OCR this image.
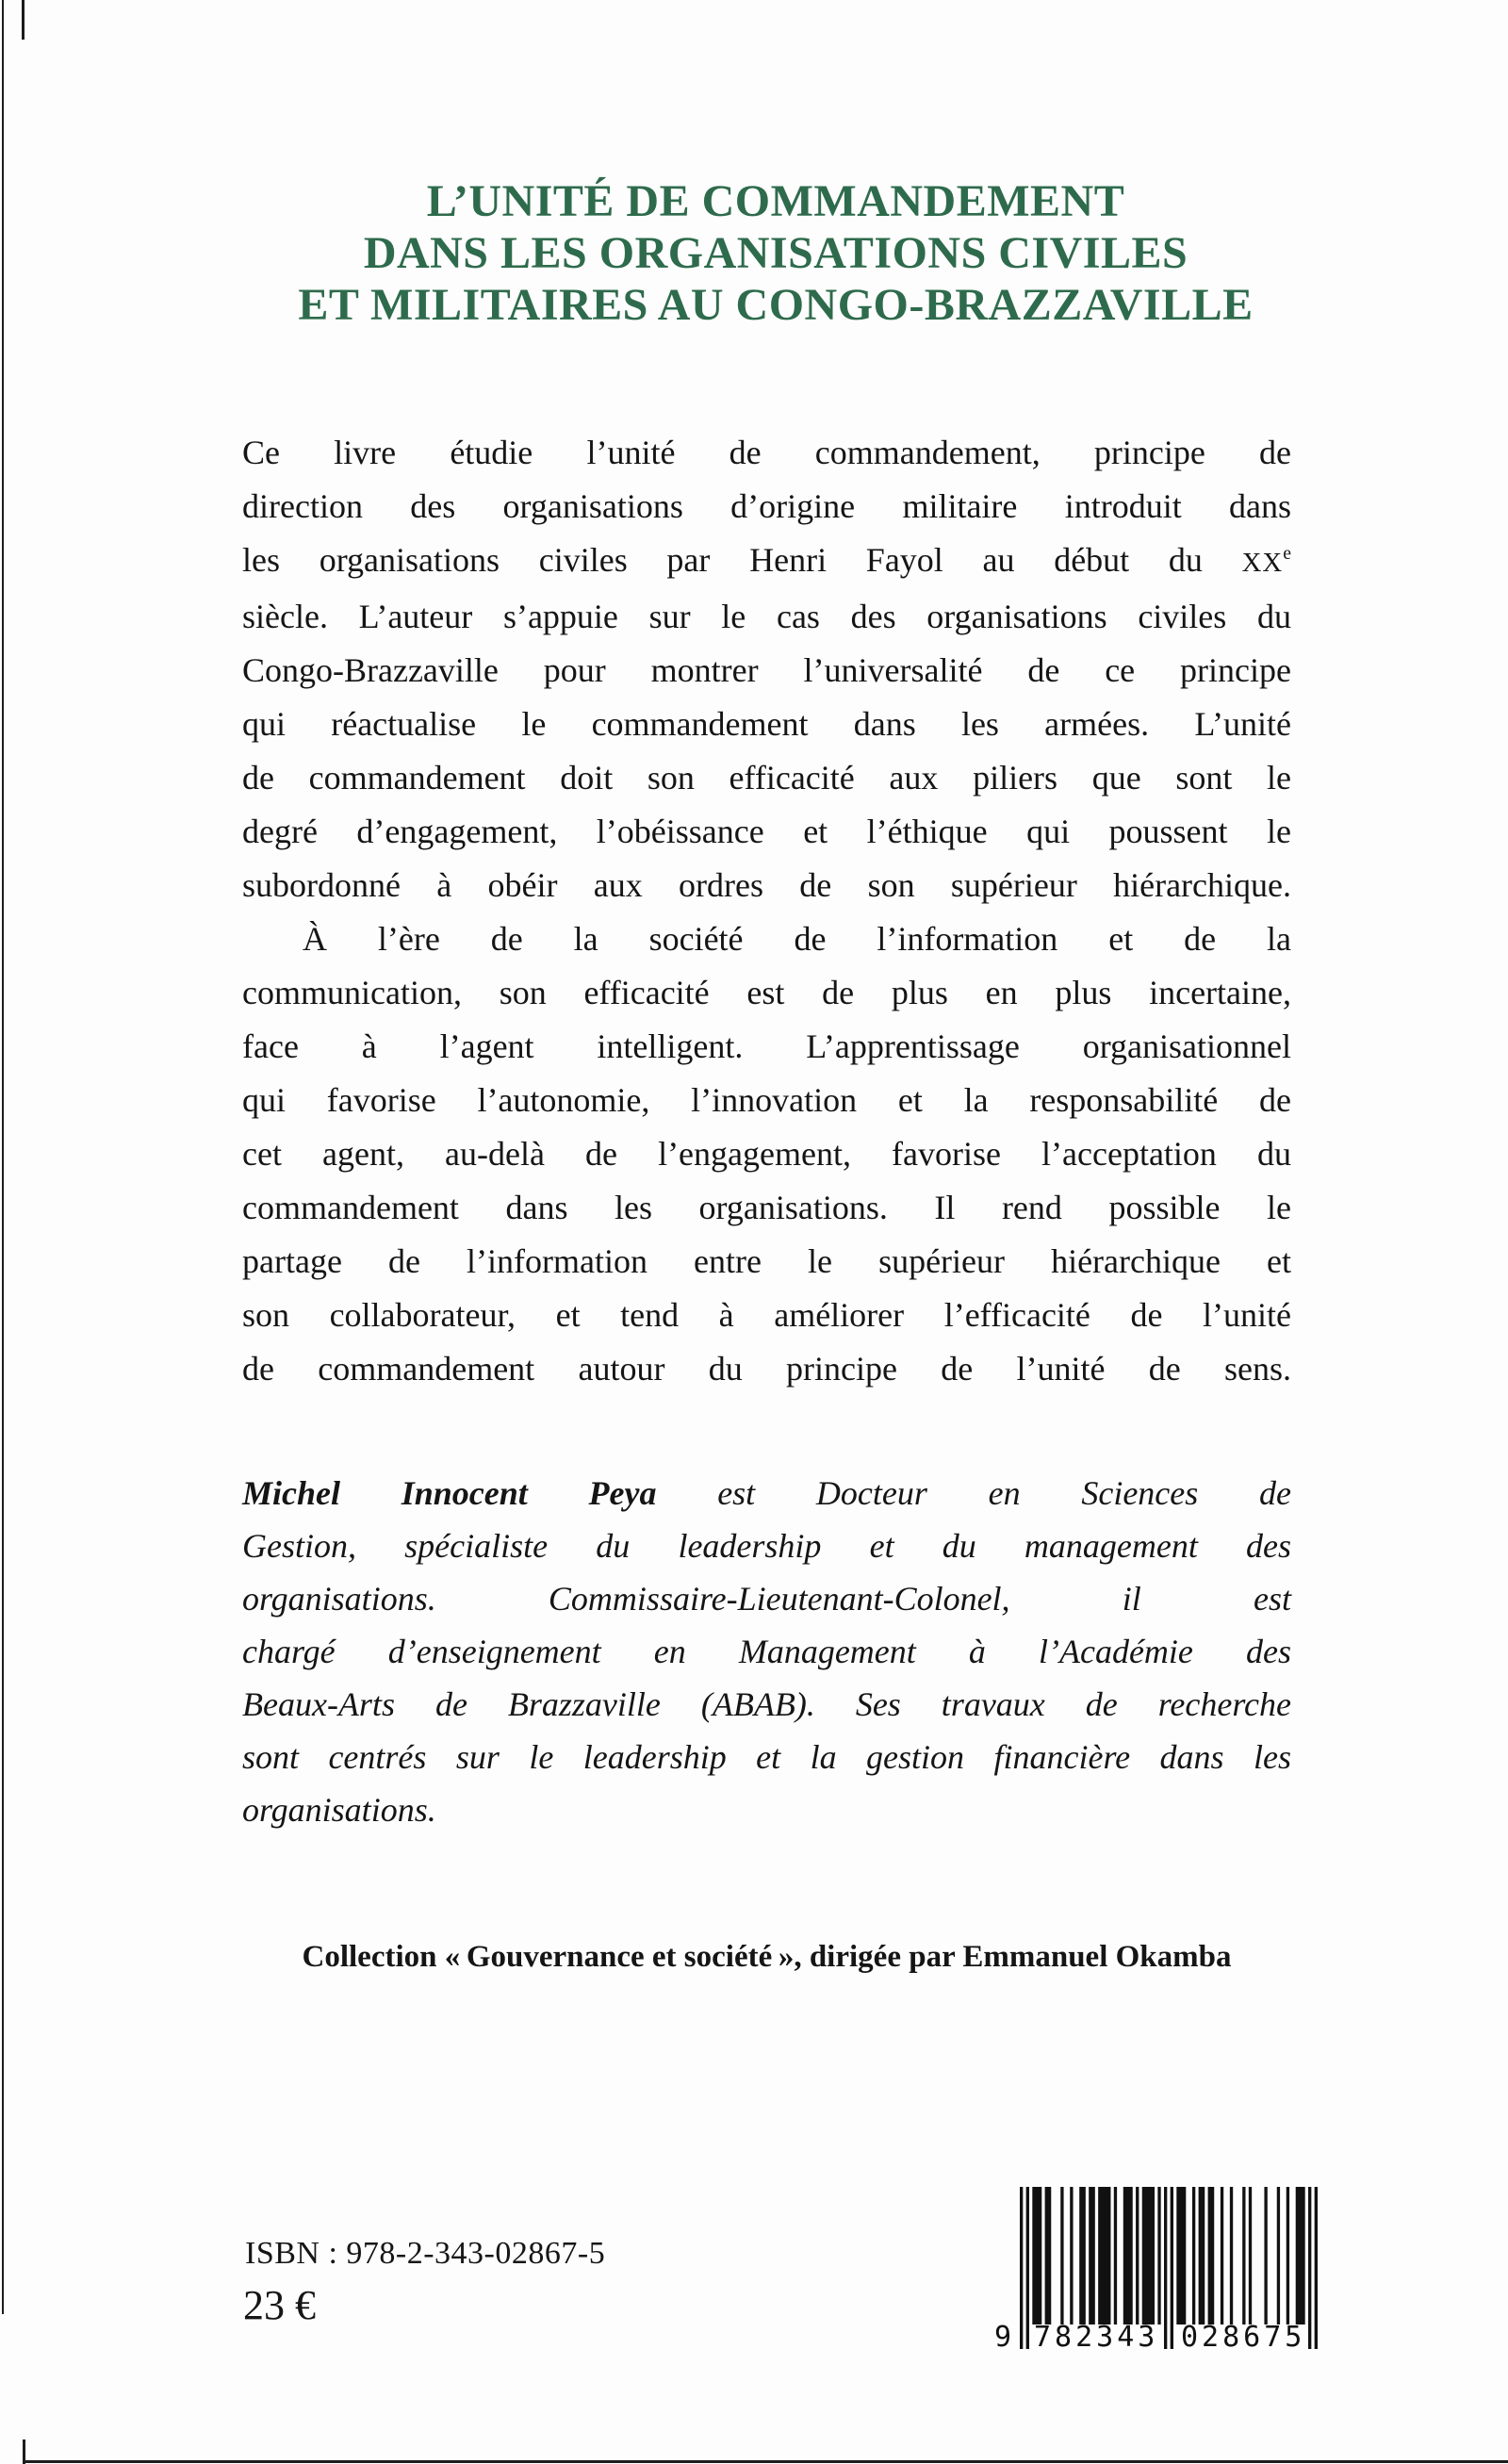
L’UNITÉ DE COMMANDEMENT
DANS LES ORGANISATIONS CIVILES
ET MILITAIRES AU CONGO-BRAZZAVILLE
Ce livre étudie l’unité de commandement, principe de
direction des organisations d’origine militaire introduit dans
les organisations civiles par Henri Fayol au début du XXe
siècle. L’auteur s’appuie sur le cas des organisations civiles du
Congo-Brazzaville pour montrer l’universalité de ce principe
qui réactualise le commandement dans les armées. L’unité
de commandement doit son efficacité aux piliers que sont le
degré d’engagement, l’obéissance et l’éthique qui poussent le
subordonné à obéir aux ordres de son supérieur hiérarchique.
À l’ère de la société de l’information et de la
communication, son efficacité est de plus en plus incertaine,
face à l’agent intelligent. L’apprentissage organisationnel
qui favorise l’autonomie, l’innovation et la responsabilité de
cet agent, au-delà de l’engagement, favorise l’acceptation du
commandement dans les organisations. Il rend possible le
partage de l’information entre le supérieur hiérarchique et
son collaborateur, et tend à améliorer l’efficacité de l’unité
de commandement autour du principe de l’unité de sens.
Michel Innocent Peya est Docteur en Sciences de
Gestion, spécialiste du leadership et du management des
organisations. Commissaire-Lieutenant-Colonel, il est
chargé d’enseignement en Management à l’Académie des
Beaux-Arts de Brazzaville (ABAB). Ses travaux de recherche
sont centrés sur le leadership et la gestion financière dans les
organisations.
Collection « Gouvernance et société », dirigée par Emmanuel Okamba
ISBN : 978-2-343-02867-5
23 €
9 782343 028675
